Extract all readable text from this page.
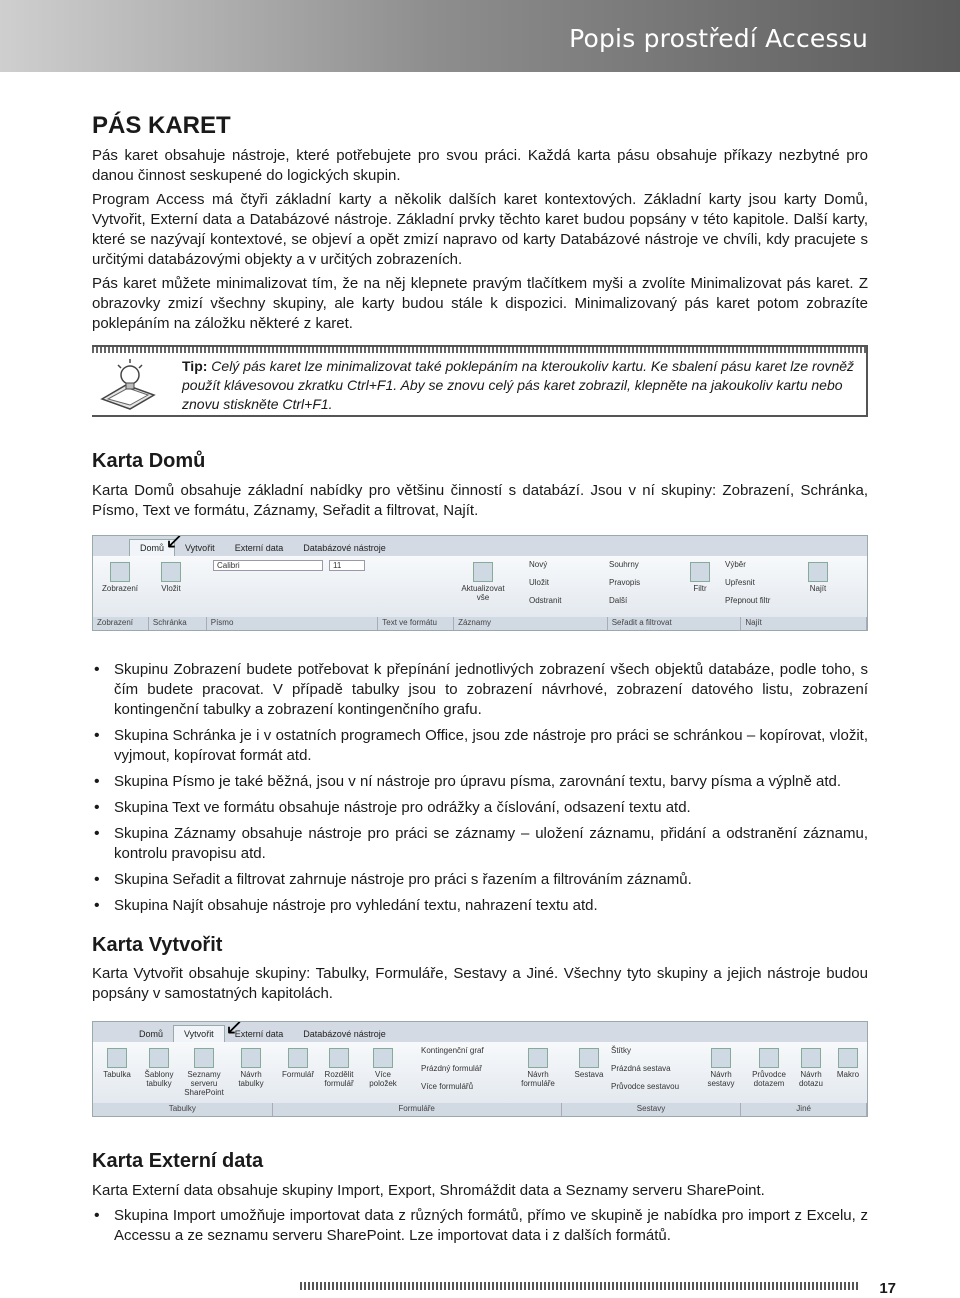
Popis prostředí Accessu
PÁS KARET

Pás karet obsahuje nástroje, které potřebujete pro svou práci. Každá karta pásu obsahuje příkazy nezbytné pro danou činnost seskupené do logických skupin.

Program Access má čtyři základní karty a několik dalších karet kontextových. Základní karty jsou karty Domů, Vytvořit, Externí data a Databázové nástroje. Základní prvky těchto karet budou popsány v této kapitole. Další karty, které se nazývají kontextové, se objeví a opět zmizí napravo od karty Databázové nástroje ve chvíli, kdy pracujete s určitými databázovými objekty a v určitých zobrazeních.

Pás karet můžete minimalizovat tím, že na něj klepnete pravým tlačítkem myši a zvolíte Minimalizovat pás karet. Z obrazovky zmizí všechny skupiny, ale karty budou stále k dispozici. Minimalizovaný pás karet potom zobrazíte poklepáním na záložku některé z karet.

Tip: Celý pás karet lze minimalizovat také poklepáním na kteroukoliv kartu. Ke sbalení pásu karet lze rovněž použít klávesovou zkratku Ctrl+F1. Aby se znovu celý pás karet zobrazil, klepněte na jakoukoliv kartu nebo znovu stiskněte Ctrl+F1.
Karta Domů

Karta Domů obsahuje základní nabídky pro většinu činností s databází. Jsou v ní skupiny: Zobrazení, Schránka, Písmo, Text ve formátu, Záznamy, Seřadit a filtrovat, Najít.

Domů	Vytvořit	Externí data	Databázové nástroje

Zobrazení	Vložit
Calibri	11

Aktualizovat vše
Nový
Uložit
Odstranit
Souhrny
Pravopis
Další

Filtr
Výběr
Upřesnit
Přepnout filtr

Najít
Zobrazení	Schránka	Písmo	Text ve formátu	Záznamy	Seřadit a filtrovat	Najít
↙
• Skupinu Zobrazení budete potřebovat k přepínání jednotlivých zobrazení všech objektů databáze, podle toho, s čím budete pracovat. V případě tabulky jsou to zobrazení návrhové, zobrazení datového listu, zobrazení kontingenční tabulky a zobrazení kontingenčního grafu.
• Skupina Schránka je i v ostatních programech Office, jsou zde nástroje pro práci se schránkou – kopírovat, vložit, vyjmout, kopírovat formát atd.
• Skupina Písmo je také běžná, jsou v ní nástroje pro úpravu písma, zarovnání textu, barvy písma a výplně atd.
• Skupina Text ve formátu obsahuje nástroje pro odrážky a číslování, odsazení textu atd.
• Skupina Záznamy obsahuje nástroje pro práci se záznamy – uložení záznamu, přidání a odstranění záznamu, kontrolu pravopisu atd.
• Skupina Seřadit a filtrovat zahrnuje nástroje pro práci s řazením a filtrováním záznamů.
• Skupina Najít obsahuje nástroje pro vyhledání textu, nahrazení textu atd.
Karta Vytvořit

Karta Vytvořit obsahuje skupiny: Tabulky, Formuláře, Sestavy a Jiné. Všechny tyto skupiny a jejich nástroje budou popsány v samostatných kapitolách.

Domů	Vytvořit	Externí data	Databázové nástroje

Tabulka	Šablony tabulky

Seznamy serveru SharePoint

Návrh tabulky

Formulář	Rozdělit formulář

Více položek
Kontingenční graf
Prázdný formulář
Více formulářů

Návrh formuláře

Sestava
Štítky
Prázdná sestava
Průvodce sestavou

Návrh sestavy

Průvodce dotazem

Návrh dotazu

Makro
Tabulky	Formuláře	Sestavy	Jiné
↙
Karta Externí data

Karta Externí data obsahuje skupiny Import, Export, Shromáždit data a Seznamy serveru SharePoint.

• Skupina Import umožňuje importovat data z různých formátů, přímo ve skupině je nabídka pro import z Excelu, z Accessu a ze seznamu serveru SharePoint. Lze importovat data i z dalších formátů.
17
